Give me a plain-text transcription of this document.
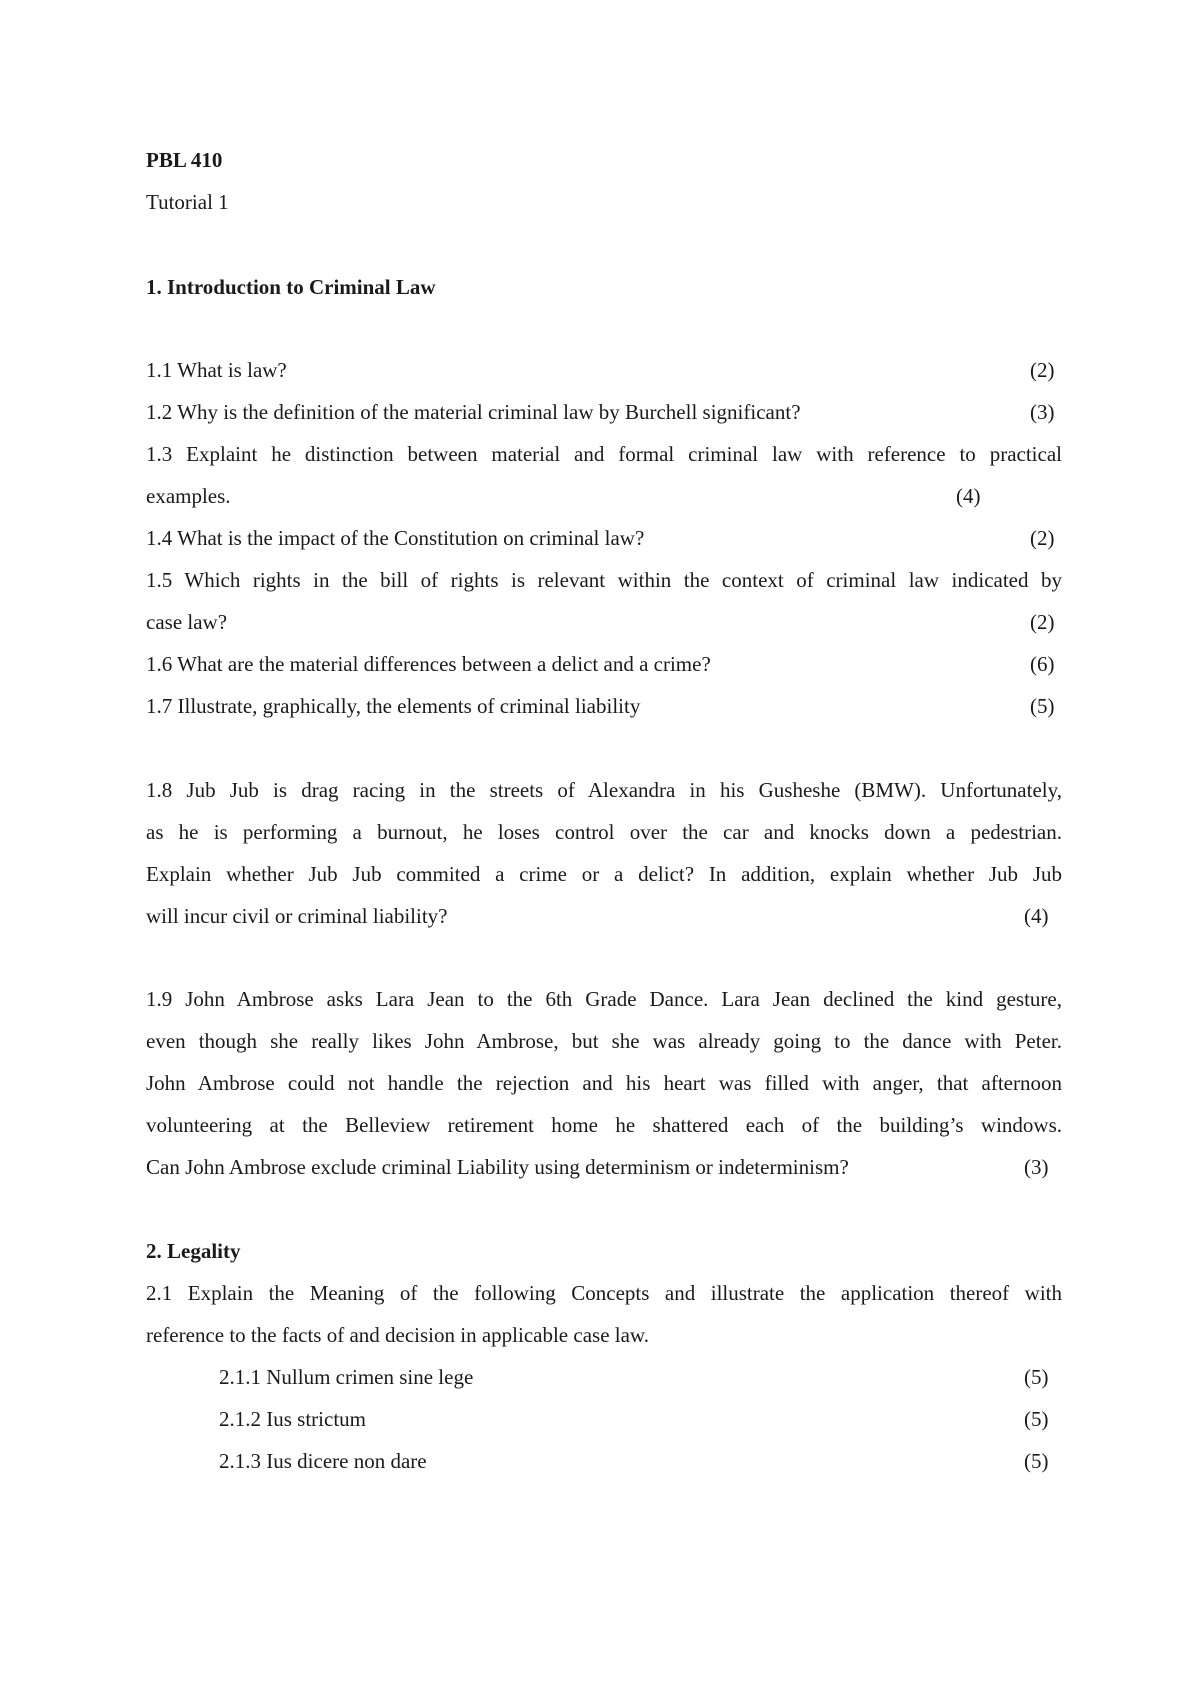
PBL 410

Tutorial 1

1. Introduction to Criminal Law

1.1 What is law?	(2)

1.2 Why is the definition of the material criminal law by Burchell significant?	(3)

1.3 Explaint he distinction between material and formal criminal law with reference to practical

examples.	(4)

1.4 What is the impact of the Constitution on criminal law?	(2)

1.5 Which rights in the bill of rights is relevant within the context of criminal law indicated by

case law?	(2)

1.6 What are the material differences between a delict and a crime?	(6)

1.7 Illustrate, graphically, the elements of criminal liability	(5)

1.8 Jub Jub is drag racing in the streets of Alexandra in his Gusheshe (BMW). Unfortunately,

as he is performing a burnout, he loses control over the car and knocks down a pedestrian.

Explain whether Jub Jub commited a crime or a delict? In addition, explain whether Jub Jub

will incur civil or criminal liability?	(4)

1.9 John Ambrose asks Lara Jean to the 6th Grade Dance. Lara Jean declined the kind gesture,

even though she really likes John Ambrose, but she was already going to the dance with Peter.

John Ambrose could not handle the rejection and his heart was filled with anger, that afternoon

volunteering at the Belleview retirement home he shattered each of the building’s windows.

Can John Ambrose exclude criminal Liability using determinism or indeterminism?	(3)

2. Legality

2.1 Explain the Meaning of the following Concepts and illustrate the application thereof with

reference to the facts of and decision in applicable case law.

2.1.1 Nullum crimen sine lege	(5)

2.1.2 Ius strictum	(5)

2.1.3 Ius dicere non dare	(5)
